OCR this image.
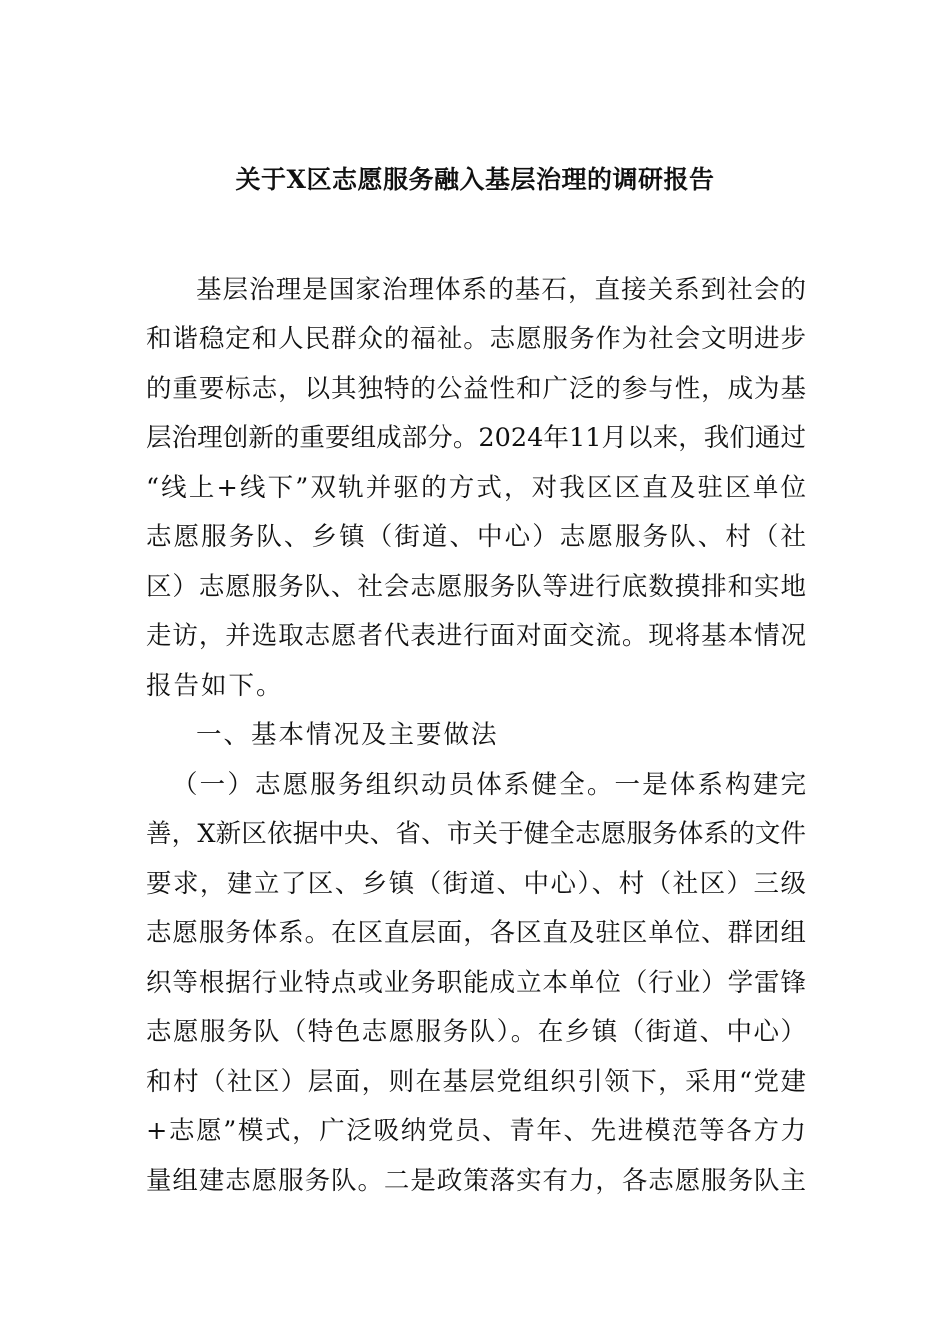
关于X区志愿服务融入基层治理的调研报告
基层治理是国家治理体系的基石，直接关系到社会的
和谐稳定和人民群众的福祉。志愿服务作为社会文明进步
的重要标志，以其独特的公益性和广泛的参与性，成为基
层治理创新的重要组成部分。2024年11月以来，我们通过
“线上+线下”双轨并驱的方式，对我区区直及驻区单位
志愿服务队、乡镇（街道、中心）志愿服务队、村（社
区）志愿服务队、社会志愿服务队等进行底数摸排和实地
走访，并选取志愿者代表进行面对面交流。现将基本情况
报告如下。
一、基本情况及主要做法
（一）志愿服务组织动员体系健全。一是体系构建完
善，X新区依据中央、省、市关于健全志愿服务体系的文件
要求，建立了区、乡镇（街道、中心）、村（社区）三级
志愿服务体系。在区直层面，各区直及驻区单位、群团组
织等根据行业特点或业务职能成立本单位（行业）学雷锋
志愿服务队（特色志愿服务队）。在乡镇（街道、中心）
和村（社区）层面，则在基层党组织引领下，采用“党建
+志愿”模式，广泛吸纳党员、青年、先进模范等各方力
量组建志愿服务队。二是政策落实有力，各志愿服务队主
